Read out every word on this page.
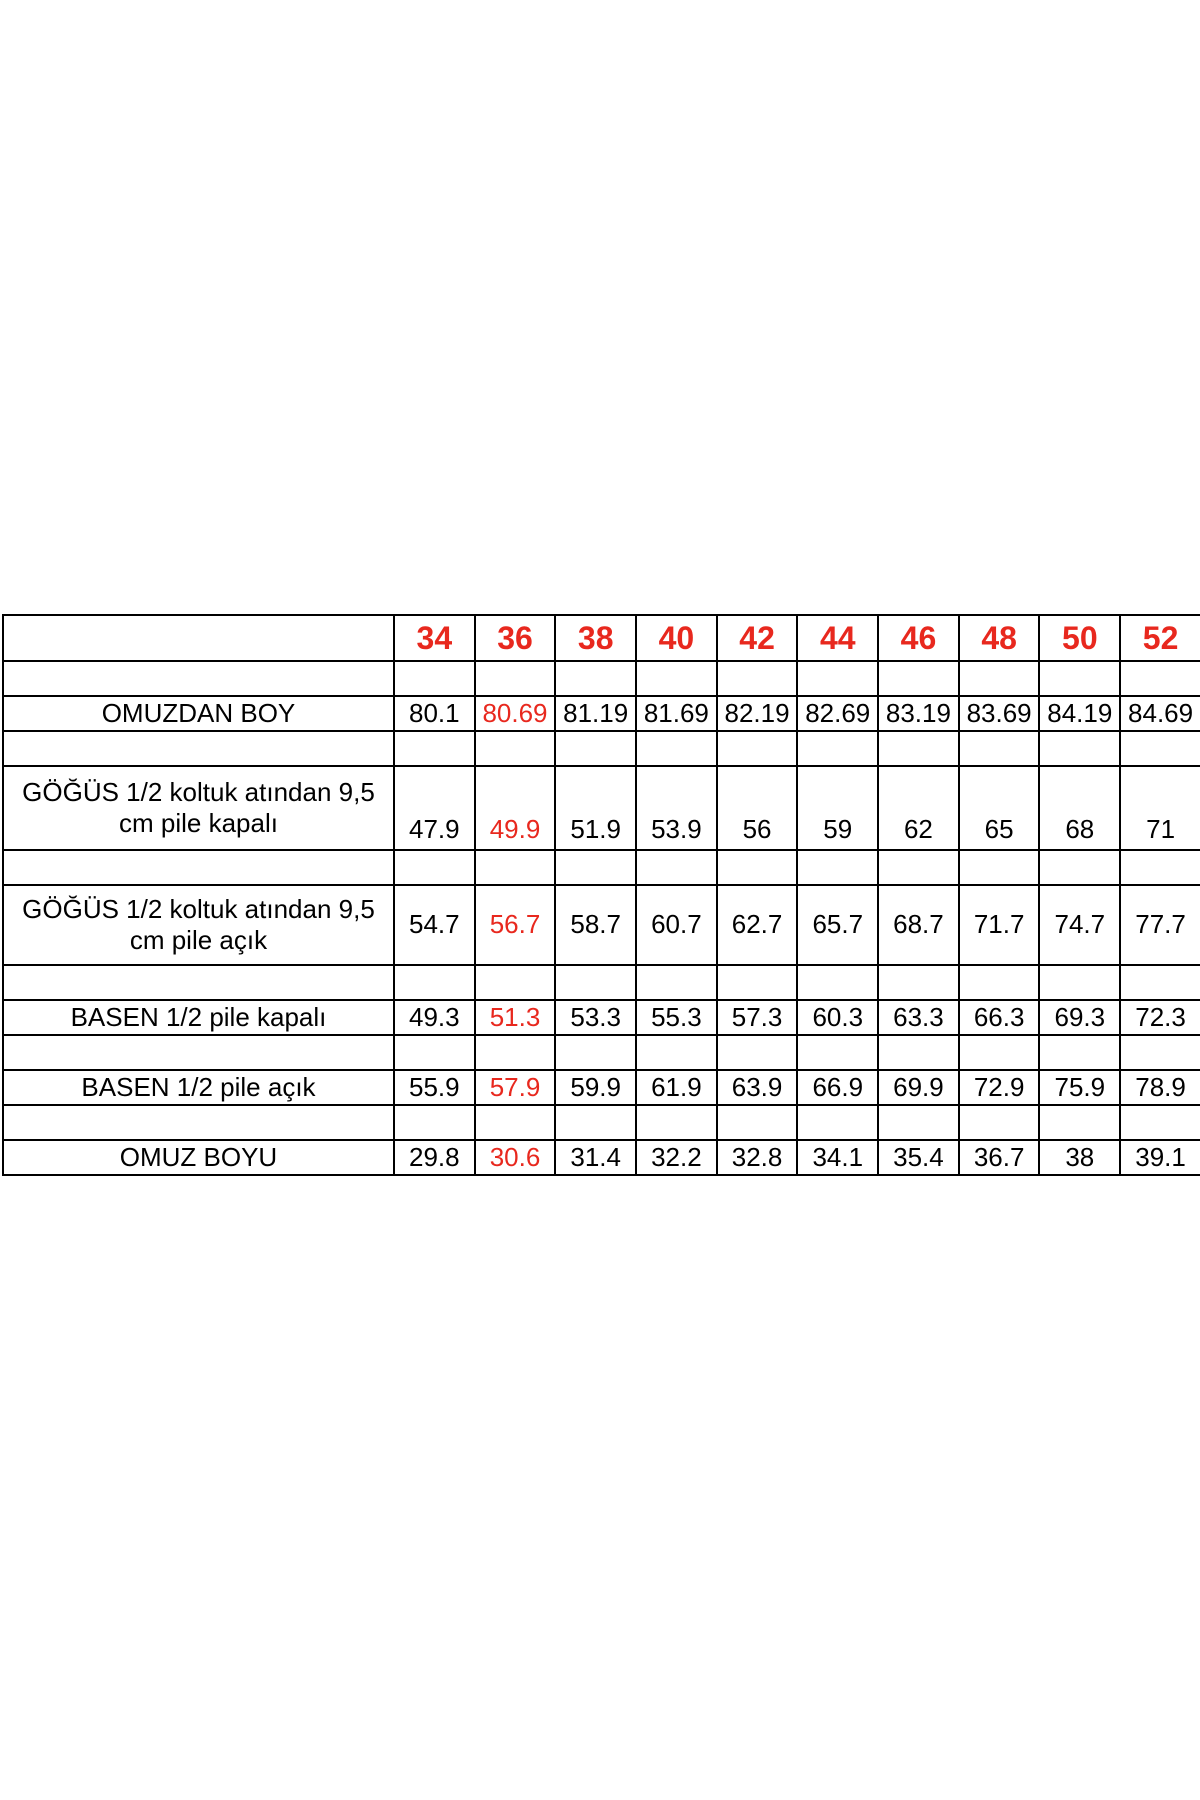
	34	36	38	40	42	44	46	48	50	52

OMUZDAN BOY	80.1	80.69	81.19	81.69	82.19	82.69	83.19	83.69	84.19	84.69

GÖĞÜS 1/2 koltuk atından 9,5 cm pile kapalı	47.9	49.9	51.9	53.9	56	59	62	65	68	71

GÖĞÜS 1/2 koltuk atından 9,5 cm pile açık	54.7	56.7	58.7	60.7	62.7	65.7	68.7	71.7	74.7	77.7

BASEN 1/2 pile kapalı	49.3	51.3	53.3	55.3	57.3	60.3	63.3	66.3	69.3	72.3

BASEN 1/2 pile açık	55.9	57.9	59.9	61.9	63.9	66.9	69.9	72.9	75.9	78.9

OMUZ BOYU	29.8	30.6	31.4	32.2	32.8	34.1	35.4	36.7	38	39.1
